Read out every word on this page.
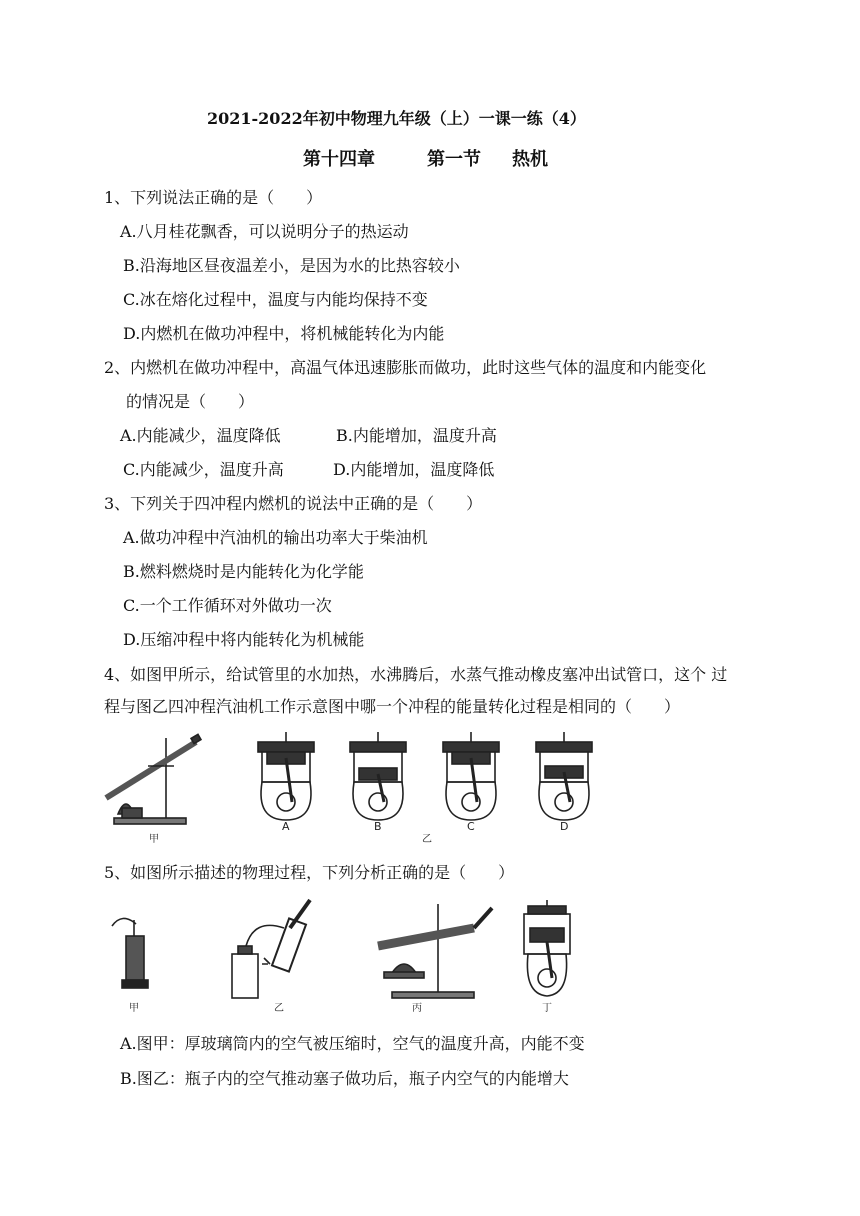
2021-2022年初中物理九年级（上）一课一练（4）
第十四章	第一节 热机
1、下列说法正确的是（　　）
A.八月桂花飘香，可以说明分子的热运动
B.沿海地区昼夜温差小，是因为水的比热容较小
C.冰在熔化过程中，温度与内能均保持不变
D.内燃机在做功冲程中，将机械能转化为内能
2、内燃机在做功冲程中，高温气体迅速膨胀而做功，此时这些气体的温度和内能变化
的情况是（　　）
A.内能减少，温度降低	B.内能增加，温度升高
C.内能减少，温度升高	D.内能增加，温度降低
3、下列关于四冲程内燃机的说法中正确的是（　　）
A.做功冲程中汽油机的输出功率大于柴油机
B.燃料燃烧时是内能转化为化学能
C.一个工作循环对外做功一次
D.压缩冲程中将内能转化为机械能
4、如图甲所示，给试管里的水加热，水沸腾后，水蒸气推动橡皮塞冲出试管口，这个 过
程与图乙四冲程汽油机工作示意图中哪一个冲程的能量转化过程是相同的（　　）
甲
A	B
乙
C	D
5、如图所示描述的物理过程，下列分析正确的是（　　）
甲	乙	丙	丁
A.图甲：厚玻璃筒内的空气被压缩时，空气的温度升高，内能不变
B.图乙：瓶子内的空气推动塞子做功后，瓶子内空气的内能增大
